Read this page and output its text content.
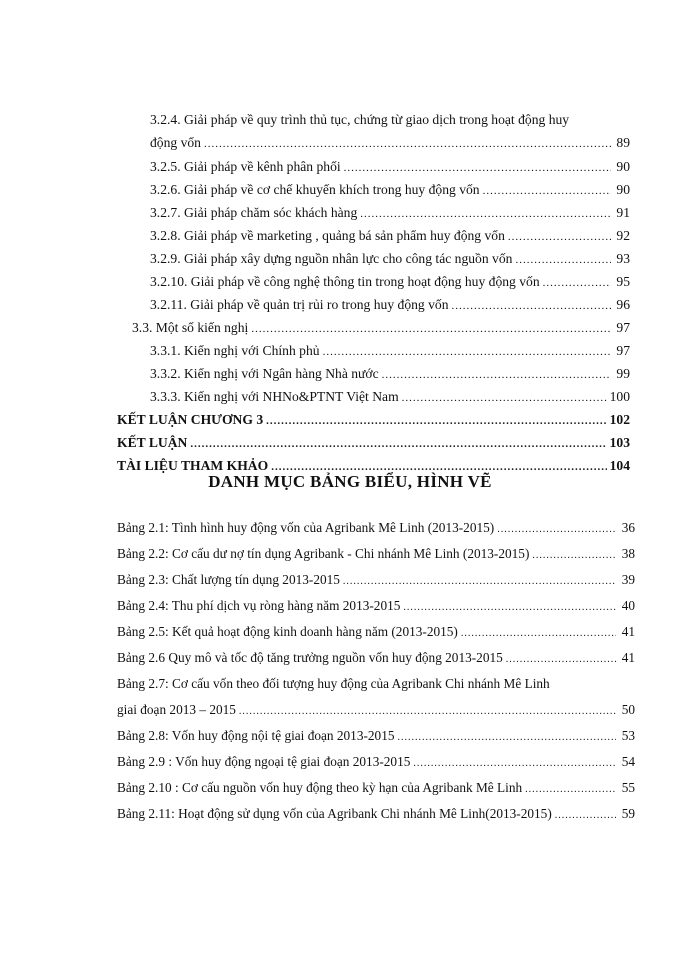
3.2.4. Giải pháp về quy trình thủ tục, chứng từ giao dịch trong hoạt động huy
động vốn .....	89
3.2.5. Giải pháp về kênh phân phối .....	90
3.2.6. Giải pháp về cơ chế khuyến khích trong huy động vốn .....	90
3.2.7. Giải pháp chăm sóc khách hàng .....	91
3.2.8. Giải pháp về marketing , quảng bá sản phẩm huy động vốn .....	92
3.2.9. Giải pháp xây dựng nguồn nhân lực cho công tác nguồn vốn .....	93
3.2.10. Giải pháp về công nghệ thông tin trong hoạt động huy động vốn .....	95
3.2.11. Giải pháp về quản trị rủi ro trong huy động vốn .....	96
3.3. Một số kiến nghị .....	97
3.3.1. Kiến nghị với Chính phủ .....	97
3.3.2. Kiến nghị với Ngân hàng Nhà nước .....	99
3.3.3. Kiến nghị với NHNo&PTNT Việt Nam .....	100
KẾT LUẬN CHƯƠNG 3 .....	102
KẾT LUẬN .....	103
TÀI LIỆU THAM KHẢO .....	104
DANH MỤC BẢNG BIỂU, HÌNH VẼ
Bảng 2.1: Tình hình huy động vốn của Agribank Mê Linh (2013-2015) .....	36
Bảng 2.2: Cơ cấu dư nợ tín dụng Agribank - Chi nhánh Mê Linh (2013-2015) .....	38
Bảng 2.3: Chất lượng tín dụng 2013-2015 .....	39
Bảng 2.4: Thu phí dịch vụ ròng hàng năm 2013-2015 .....	40
Bảng 2.5: Kết quả hoạt động kinh doanh hàng năm (2013-2015) .....	41
Bảng 2.6 Quy mô và tốc độ tăng trưởng nguồn vốn huy động 2013-2015 .....	41
Bảng 2.7: Cơ cấu vốn theo đối tượng huy động của Agribank Chi nhánh Mê Linh
giai đoạn 2013 – 2015 .....	50
Bảng 2.8: Vốn huy động nội tệ giai đoạn 2013-2015 .....	53
Bảng 2.9 : Vốn huy động ngoại tệ giai đoạn 2013-2015 .....	54
Bảng 2.10 : Cơ cấu nguồn vốn huy động theo kỳ hạn của Agribank Mê Linh .....	55
Bảng 2.11: Hoạt động sử dụng vốn của Agribank Chi nhánh Mê Linh(2013-2015) .....	59
